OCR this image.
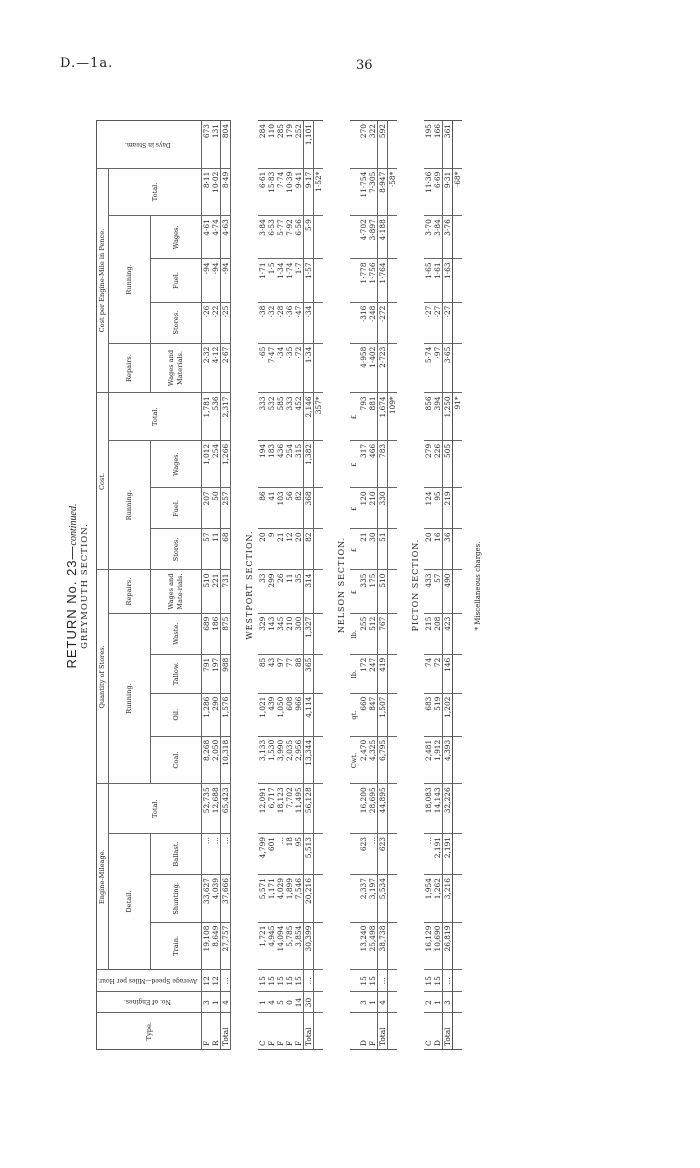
D.—1a.	36
RETURN No. 23—continued. GREYMOUTH SECTION.
Type.	No. of Engines.	Average Speed—Miles per Hour.	Engine-Mileage.				Quantity of Stores.					Cost.				Cost per Engine-Mile in Pence.					Days in Steam.
			Detail.			Total.	Running.				Repairs.	Running.			Total.	Repairs.	Running.			Total.	
			Train.	Shunting.	Ballast.		Coal.	Oil.	Tallow.	Waste.	Wages and Mate-rials.	Stores.	Fuel.	Wages.		Wages and Materials.	Stores.	Fuel.	Wages.		

F	3	12	19,108	33,627	...	52,735	8,268	1,286	791	689	510	57	207	1,012	1,781	2·32	·26	·94	4·61	8·11	673
R	1	12	8,649	4,039	...	12,688	2,050	290	197	186	221	11	50	254	536	4·12	·22	·94	4·74	10·02	131
Total	4	...	27,757	37,666	...	65,423	10,318	1,576	988	875	731	68	257	1,266	2,317	2·67	·25	·94	4·63	8·49	804

WESTPORT SECTION.																					
C	1	15	1,721	5,571	4,799	12,091	3,133	1,021	85	329	33	20	86	194	333	·65	·38	1·71	3·84	6·61	284
F	4	15	4,945	1,171	601	6,717	1,530	439	43	143	299	9	41	183	532	7·47	·32	1·5	6·53	15·83	110
F	5	15	14,094	4,029	...	18,123	3,990	1,050	97	345	26	21	103	436	585	·34	·28	1·34	5·77	7·74	285
F	0	15	5,785	1,899	18	7,702	2,035	608	77	210	11	12	56	254	333	·35	·36	1·74	7·92	10·39	179
F	14	15	3,854	7,546	95	11,495	2,956	966	88	300	35	20	82	315	452	·72	·47	1·7	6·56	9·41	252
Total	30	...	30,399	20,216	5,513	56,128	13,344	4,114	365	1,327	314	82	368	1,382	2,146	1·34	·34	1·57	5·9	9·17	1,101
															357*					1·52*	

NELSON SECTION.																					
							Cwt.	qt.	lb.	lb.	£	£	£	£	£						
D	3	15	13,240	2,337	623	16,200	2,470	660	172	255	335	21	120	317	793	4·958	·316	1·778	4·702	11·754	270
F	1	15	25,498	3,197	...	28,695	4,325	847	247	512	175	30	210	466	881	1·402	·248	1·756	3·897	7·305	322
Total	4	...	38,738	5,534	623	44,895	6,795	1,507	419	767	510	51	330	783	1,674	2·723	·272	1·764	4·188	8·947	592
															109*					·58*	

PICTON SECTION.																					
C	2	15	16,129	1,954	...	18,083	2,481	683	74	215	433	20	124	279	856	5·74	·27	1·65	3·70	11·36	195
D	1	15	10,690	1,262	2,191	14,143	1,912	519	72	208	57	16	95	226	394	·97	·27	1·61	3·84	6·69	166
Total	3	...	26,819	3,216	2,191	32,226	4,393	1,202	146	423	490	36	219	505	1,250	3·65	·27	1·63	3·76	9·31	361
															91*					·68*	

* Miscellaneous charges.
